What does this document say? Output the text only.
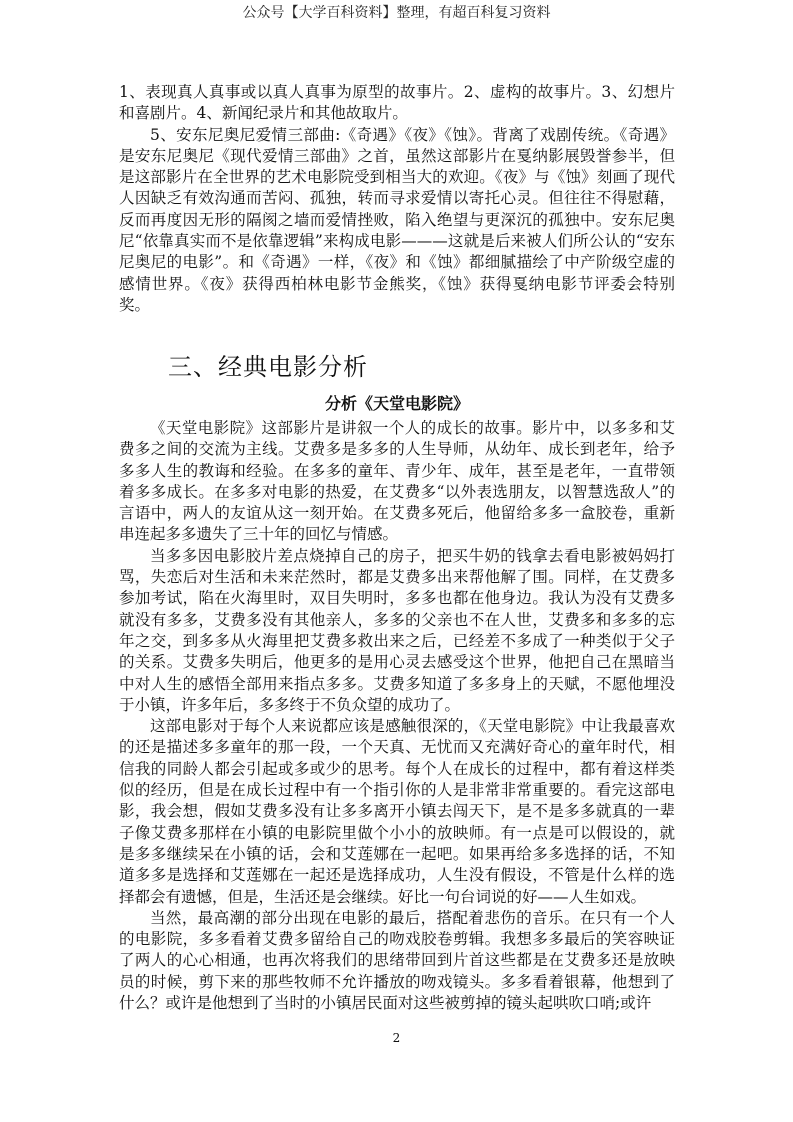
公众号【大学百科资料】整理，有超百科复习资料

1、表现真人真事或以真人真事为原型的故事片。2、虚构的故事片。3、幻想片和喜剧片。4、新闻纪录片和其他故取片。

5、安东尼奥尼爱情三部曲:《奇遇》《夜》《蚀》。背离了戏剧传统。《奇遇》是安东尼奥尼《现代爱情三部曲》之首，虽然这部影片在戛纳影展毁誉参半，但是这部影片在全世界的艺术电影院受到相当大的欢迎。《夜》与《蚀》刻画了现代人因缺乏有效沟通而苦闷、孤独，转而寻求爱情以寄托心灵。但往往不得慰藉，反而再度因无形的隔阂之墙而爱情挫败，陷入绝望与更深沉的孤独中。安东尼奥尼“依靠真实而不是依靠逻辑”来构成电影———这就是后来被人们所公认的“安东尼奥尼的电影”。和《奇遇》一样，《夜》和《蚀》都细腻描绘了中产阶级空虚的感情世界。《夜》获得西柏林电影节金熊奖，《蚀》获得戛纳电影节评委会特别奖。

三、经典电影分析
分析《天堂电影院》

《天堂电影院》这部影片是讲叙一个人的成长的故事。影片中，以多多和艾费多之间的交流为主线。艾费多是多多的人生导师，从幼年、成长到老年，给予多多人生的教诲和经验。在多多的童年、青少年、成年，甚至是老年，一直带领着多多成长。在多多对电影的热爱，在艾费多“以外表选朋友，以智慧选敌人”的言语中，两人的友谊从这一刻开始。在艾费多死后，他留给多多一盒胶卷，重新串连起多多遗失了三十年的回忆与情感。

当多多因电影胶片差点烧掉自己的房子，把买牛奶的钱拿去看电影被妈妈打骂，失恋后对生活和未来茫然时，都是艾费多出来帮他解了围。同样，在艾费多参加考试，陷在火海里时，双目失明时，多多也都在他身边。我认为没有艾费多就没有多多，艾费多没有其他亲人，多多的父亲也不在人世，艾费多和多多的忘年之交，到多多从火海里把艾费多救出来之后，已经差不多成了一种类似于父子的关系。艾费多失明后，他更多的是用心灵去感受这个世界，他把自己在黑暗当中对人生的感悟全部用来指点多多。艾费多知道了多多身上的天赋，不愿他埋没于小镇，许多年后，多多终于不负众望的成功了。

这部电影对于每个人来说都应该是感触很深的，《天堂电影院》中让我最喜欢的还是描述多多童年的那一段，一个天真、无忧而又充满好奇心的童年时代，相信我的同龄人都会引起或多或少的思考。每个人在成长的过程中，都有着这样类似的经历，但是在成长过程中有一个指引你的人是非常非常重要的。看完这部电影，我会想，假如艾费多没有让多多离开小镇去闯天下，是不是多多就真的一辈子像艾费多那样在小镇的电影院里做个小小的放映师。有一点是可以假设的，就是多多继续呆在小镇的话，会和艾莲娜在一起吧。如果再给多多选择的话，不知道多多是选择和艾莲娜在一起还是选择成功，人生没有假设，不管是什么样的选择都会有遗憾，但是，生活还是会继续。好比一句台词说的好——人生如戏。

当然，最高潮的部分出现在电影的最后，搭配着悲伤的音乐。在只有一个人的电影院，多多看着艾费多留给自己的吻戏胶卷剪辑。我想多多最后的笑容映证了两人的心心相通，也再次将我们的思绪带回到片首这些都是在艾费多还是放映员的时候，剪下来的那些牧师不允许播放的吻戏镜头。多多看着银幕，他想到了什么？或许是他想到了当时的小镇居民面对这些被剪掉的镜头起哄吹口哨;或许

2
